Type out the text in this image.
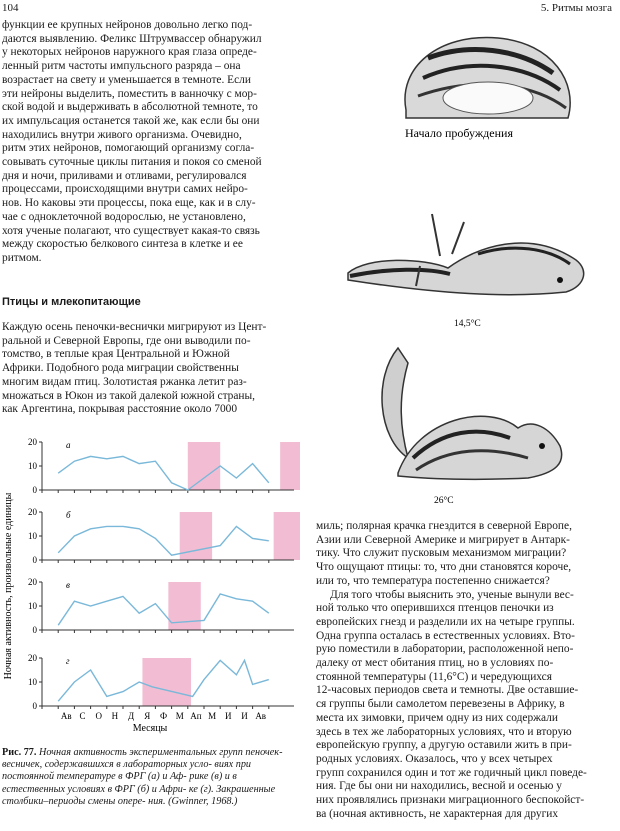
104	5. Ритмы мозга
функции ее крупных нейронов довольно легко под-
даются выявлению. Феликс Штрумвассер обнаружил
у некоторых нейронов наружного края глаза опреде-
ленный ритм частоты импульсного разряда – она
возрастает на свету и уменьшается в темноте. Если
эти нейроны выделить, поместить в ванночку с мор-
ской водой и выдерживать в абсолютной темноте, то
их импульсация останется такой же, как если бы они
находились внутри живого организма. Очевидно,
ритм этих нейронов, помогающий организму согла-
совывать суточные циклы питания и покоя со сменой
дня и ночи, приливами и отливами, регулировался
процессами, происходящими внутри самих нейро-
нов. Но каковы эти процессы, пока еще, как и в слу-
чае с одноклеточной водорослью, не установлено,
хотя ученые полагают, что существует какая-то связь
между скоростью белкового синтеза в клетке и ее
ритмом.
Птицы и млекопитающие
Каждую осень пеночки-веснички мигрируют из Цент-
ральной и Северной Европы, где они выводили по-
томство, в теплые края Центральной и Южной
Африки. Подобного рода миграции свойственны
многим видам птиц. Золотистая ржанка летит раз-
множаться в Юкон из такой далекой южной страны,
как Аргентина, покрывая расстояние около 7000
Начало пробуждения
14,5°C
26°C
0
10
20	а
0
10
20	б
0
10
20	в
0
10
20	г
Ав С О Н Д Я Ф М Ап М И И Ав
Месяцы
Ночная активность, произвольные единицы
Рис. 77. Ночная активность экспериментальных групп пеночек-весничек, содержавшихся в лабораторных усло- виях при постоянной температуре в ФРГ (а) и Аф- рике (в) и в естественных условиях в ФРГ (б) и Афри- ке (г). Закрашенные столбики–периоды смены опере- ния. (Gwinner, 1968.)
миль; полярная крачка гнездится в северной Европе,
Азии или Северной Америке и мигрирует в Антарк-
тику. Что служит пусковым механизмом миграции?
Что ощущают птицы: то, что дни становятся короче,
или то, что температура постепенно снижается?
Для того чтобы выяснить это, ученые вынули вес-
ной только что оперившихся птенцов пеночки из
европейских гнезд и разделили их на четыре группы.
Одна группа осталась в естественных условиях. Вто-
рую поместили в лаборатории, расположенной непо-
далеку от мест обитания птиц, но в условиях по-
стоянной температуры (11,6°C) и чередующихся
12-часовых периодов света и темноты. Две оставшие-
ся группы были самолетом перевезены в Африку, в
места их зимовки, причем одну из них содержали
здесь в тех же лабораторных условиях, что и вторую
европейскую группу, а другую оставили жить в при-
родных условиях. Оказалось, что у всех четырех
групп сохранился один и тот же годичный цикл поведе-
ния. Где бы они ни находились, весной и осенью у
них проявлялись признаки миграционного беспокойст-
ва (ночная активность, не характерная для других
